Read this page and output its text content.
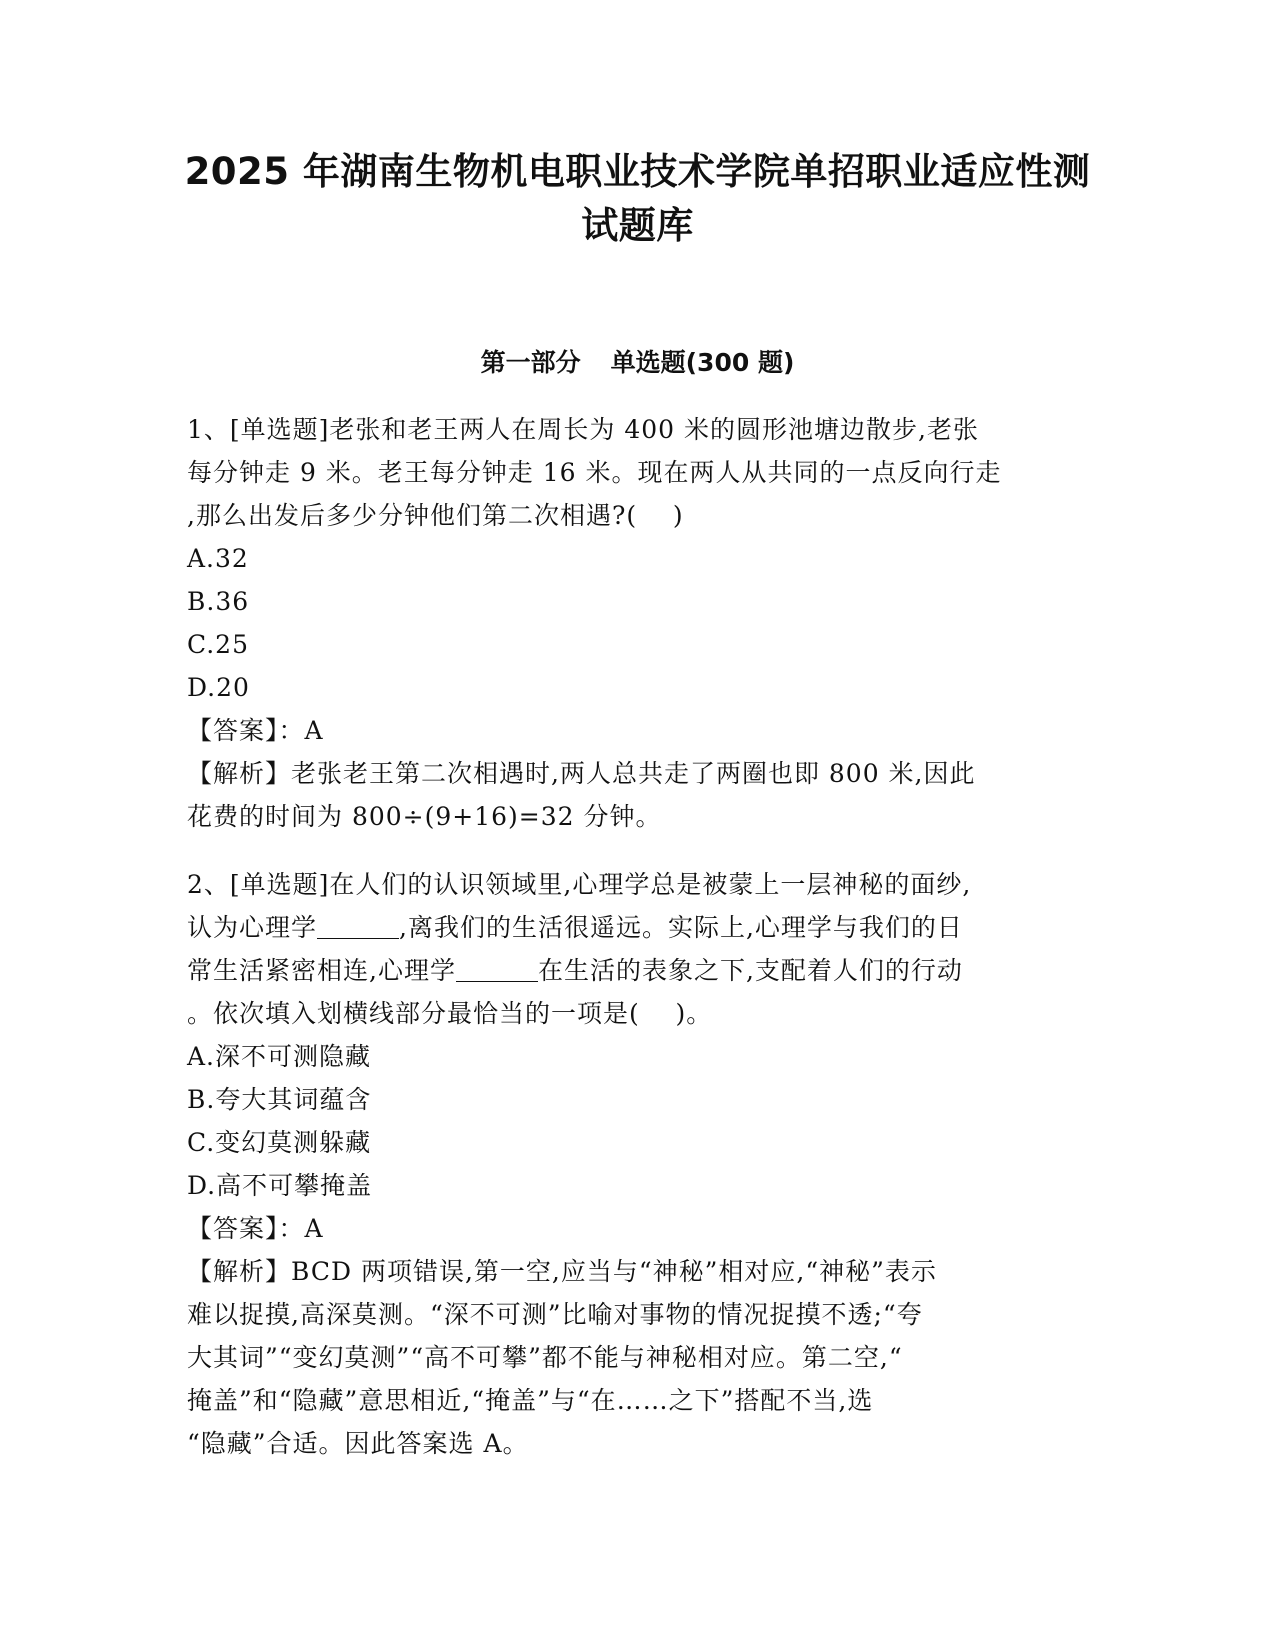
2025 年湖南生物机电职业技术学院单招职业适应性测
试题库
第一部分 单选题(300 题)
1、[单选题]老张和老王两人在周长为 400 米的圆形池塘边散步,老张
每分钟走 9 米。老王每分钟走 16 米。现在两人从共同的一点反向行走
,那么出发后多少分钟他们第二次相遇?(    )
A.32
B.36
C.25
D.20
【答案】：A
【解析】老张老王第二次相遇时,两人总共走了两圈也即 800 米,因此
花费的时间为 800÷(9+16)=32 分钟。
2、[单选题]在人们的认识领域里,心理学总是被蒙上一层神秘的面纱,
认为心理学	,离我们的生活很遥远。实际上,心理学与我们的日
常生活紧密相连,心理学	在生活的表象之下,支配着人们的行动
。依次填入划横线部分最恰当的一项是(    )。
A.深不可测隐藏
B.夸大其词蕴含
C.变幻莫测躲藏
D.高不可攀掩盖
【答案】：A
【解析】BCD 两项错误,第一空,应当与“神秘”相对应,“神秘”表示
难以捉摸,高深莫测。“深不可测”比喻对事物的情况捉摸不透;“夸
大其词”“变幻莫测”“高不可攀”都不能与神秘相对应。第二空,“
掩盖”和“隐藏”意思相近,“掩盖”与“在……之下”搭配不当,选
“隐藏”合适。因此答案选 A。
